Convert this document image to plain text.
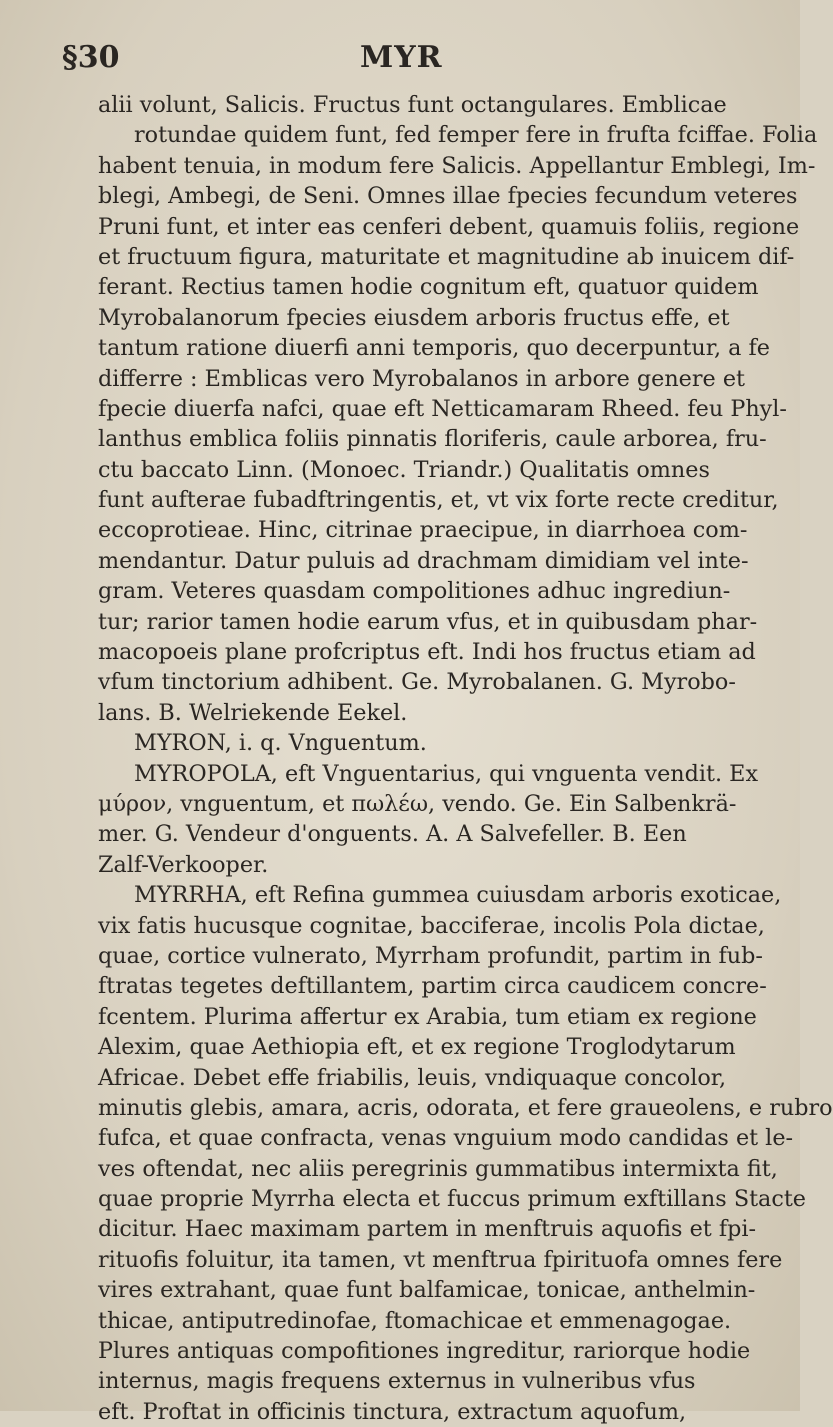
§30	MYR
alii volunt, Salicis. Fructus funt octangulares. Emblicae
rotundae quidem funt, fed femper fere in frufta fciffae. Folia
habent tenuia, in modum fere Salicis. Appellantur Emblegi, Im-
blegi, Ambegi, de Seni. Omnes illae fpecies fecundum veteres
Pruni funt, et inter eas cenferi debent, quamuis foliis, regione
et fructuum figura, maturitate et magnitudine ab inuicem dif-
ferant. Rectius tamen hodie cognitum eft, quatuor quidem
Myrobalanorum fpecies eiusdem arboris fructus effe, et
tantum ratione diuerfi anni temporis, quo decerpuntur, a fe
differre : Emblicas vero Myrobalanos in arbore genere et
fpecie diuerfa nafci, quae eft Netticamaram Rheed. feu Phyl-
lanthus emblica foliis pinnatis floriferis, caule arborea, fru-
ctu baccato Linn. (Monoec. Triandr.) Qualitatis omnes
funt aufterae fubadftringentis, et, vt vix forte recte creditur,
eccoprotieae. Hinc, citrinae praecipue, in diarrhoea com-
mendantur. Datur puluis ad drachmam dimidiam vel inte-
gram. Veteres quasdam compolitiones adhuc ingrediun-
tur; rarior tamen hodie earum vfus, et in quibusdam phar-
macopoeis plane profcriptus eft. Indi hos fructus etiam ad
vfum tinctorium adhibent. Ge. Myrobalanen. G. Myrobo-
lans. B. Welriekende Eekel.
MYRON, i. q. Vnguentum.
MYROPOLA, eft Vnguentarius, qui vnguenta vendit. Ex
μύρον, vnguentum, et πωλέω, vendo. Ge. Ein Salbenkrä-
mer. G. Vendeur d'onguents. A. A Salvefeller. B. Een
Zalf-Verkooper.
MYRRHA, eft Refina gummea cuiusdam arboris exoticae,
vix fatis hucusque cognitae, bacciferae, incolis Pola dictae,
quae, cortice vulnerato, Myrrham profundit, partim in fub-
ftratas tegetes deftillantem, partim circa caudicem concre-
fcentem. Plurima affertur ex Arabia, tum etiam ex regione
Alexim, quae Aethiopia eft, et ex regione Troglodytarum
Africae. Debet effe friabilis, leuis, vndiquaque concolor,
minutis glebis, amara, acris, odorata, et fere graueolens, e rubro
fufca, et quae confracta, venas vnguium modo candidas et le-
ves oftendat, nec aliis peregrinis gummatibus intermixta fit,
quae proprie Myrrha electa et fuccus primum exftillans Stacte
dicitur. Haec maximam partem in menftruis aquofis et fpi-
rituofis foluitur, ita tamen, vt menftrua fpirituofa omnes fere
vires extrahant, quae funt balfamicae, tonicae, anthelmin-
thicae, antiputredinofae, ftomachicae et emmenagogae.
Plures antiquas compofitiones ingreditur, rariorque hodie
internus, magis frequens externus in vulneribus vfus
eft. Proftat in officinis tinctura, extractum aquofum,
